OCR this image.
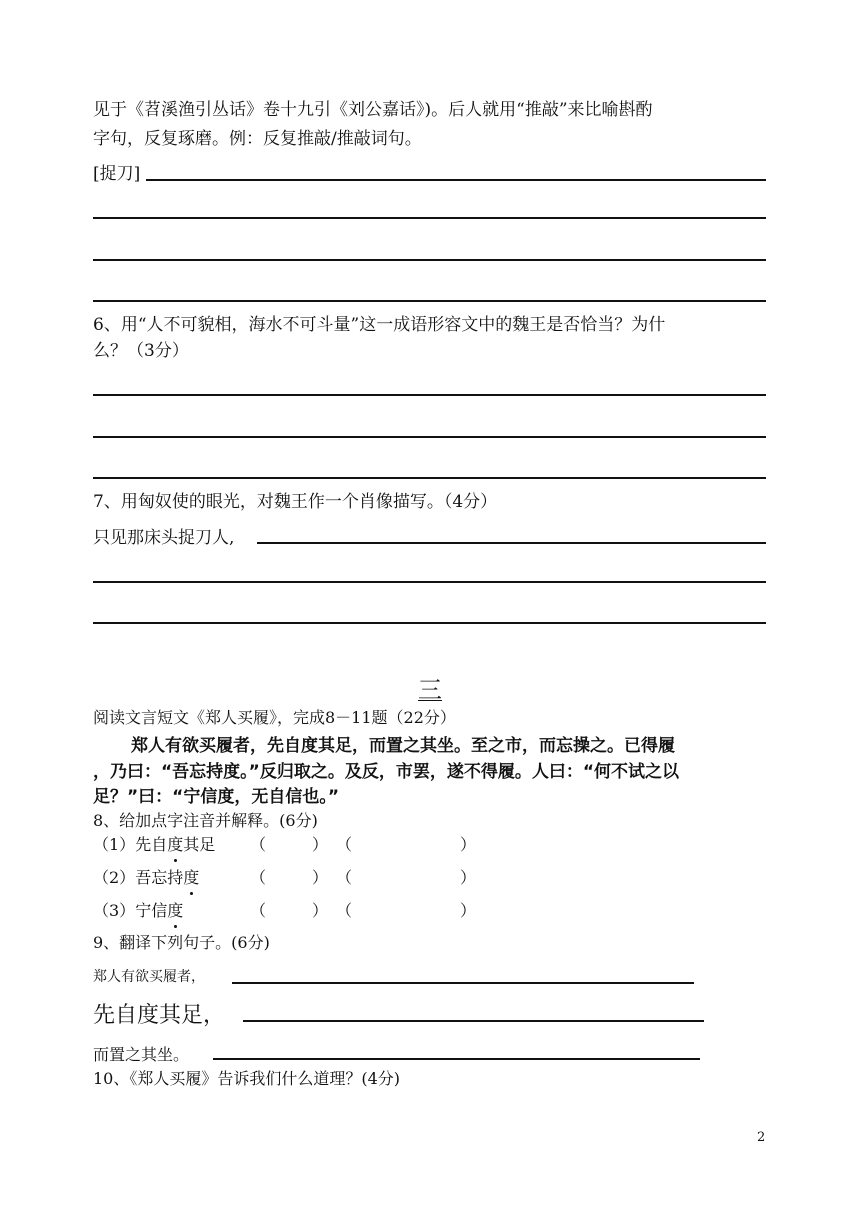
见于《苕溪渔引丛话》卷十九引《刘公嘉话》)。后人就用“推敲”来比喻斟酌
字句，反复琢磨。例：反复推敲/推敲词句。
[捉刀]
6、用“人不可貌相，海水不可斗量”这一成语形容文中的魏王是否恰当？为什
么？（3分）
7、用匈奴使的眼光，对魏王作一个肖像描写。（4分）
只见那床头捉刀人,
三
阅读文言短文《郑人买履》，完成8－11题（22分）
郑人有欲买履者，先自度其足，而置之其坐。至之市，而忘操之。已得履
，乃曰：“吾忘持度。”反归取之。及反，市罢，遂不得履。人曰：“何不试之以
足？”曰：“宁信度，无自信也。”
8、给加点字注音并解释。(6分)
（1）先自度其足 （	） （	）
（2）吾忘持度	（	） （	）
（3）宁信度	（	） （	）
9、翻译下列句子。(6分)
郑人有欲买履者，
先自度其足，
而置之其坐。
10、《郑人买履》告诉我们什么道理？(4分)
2
